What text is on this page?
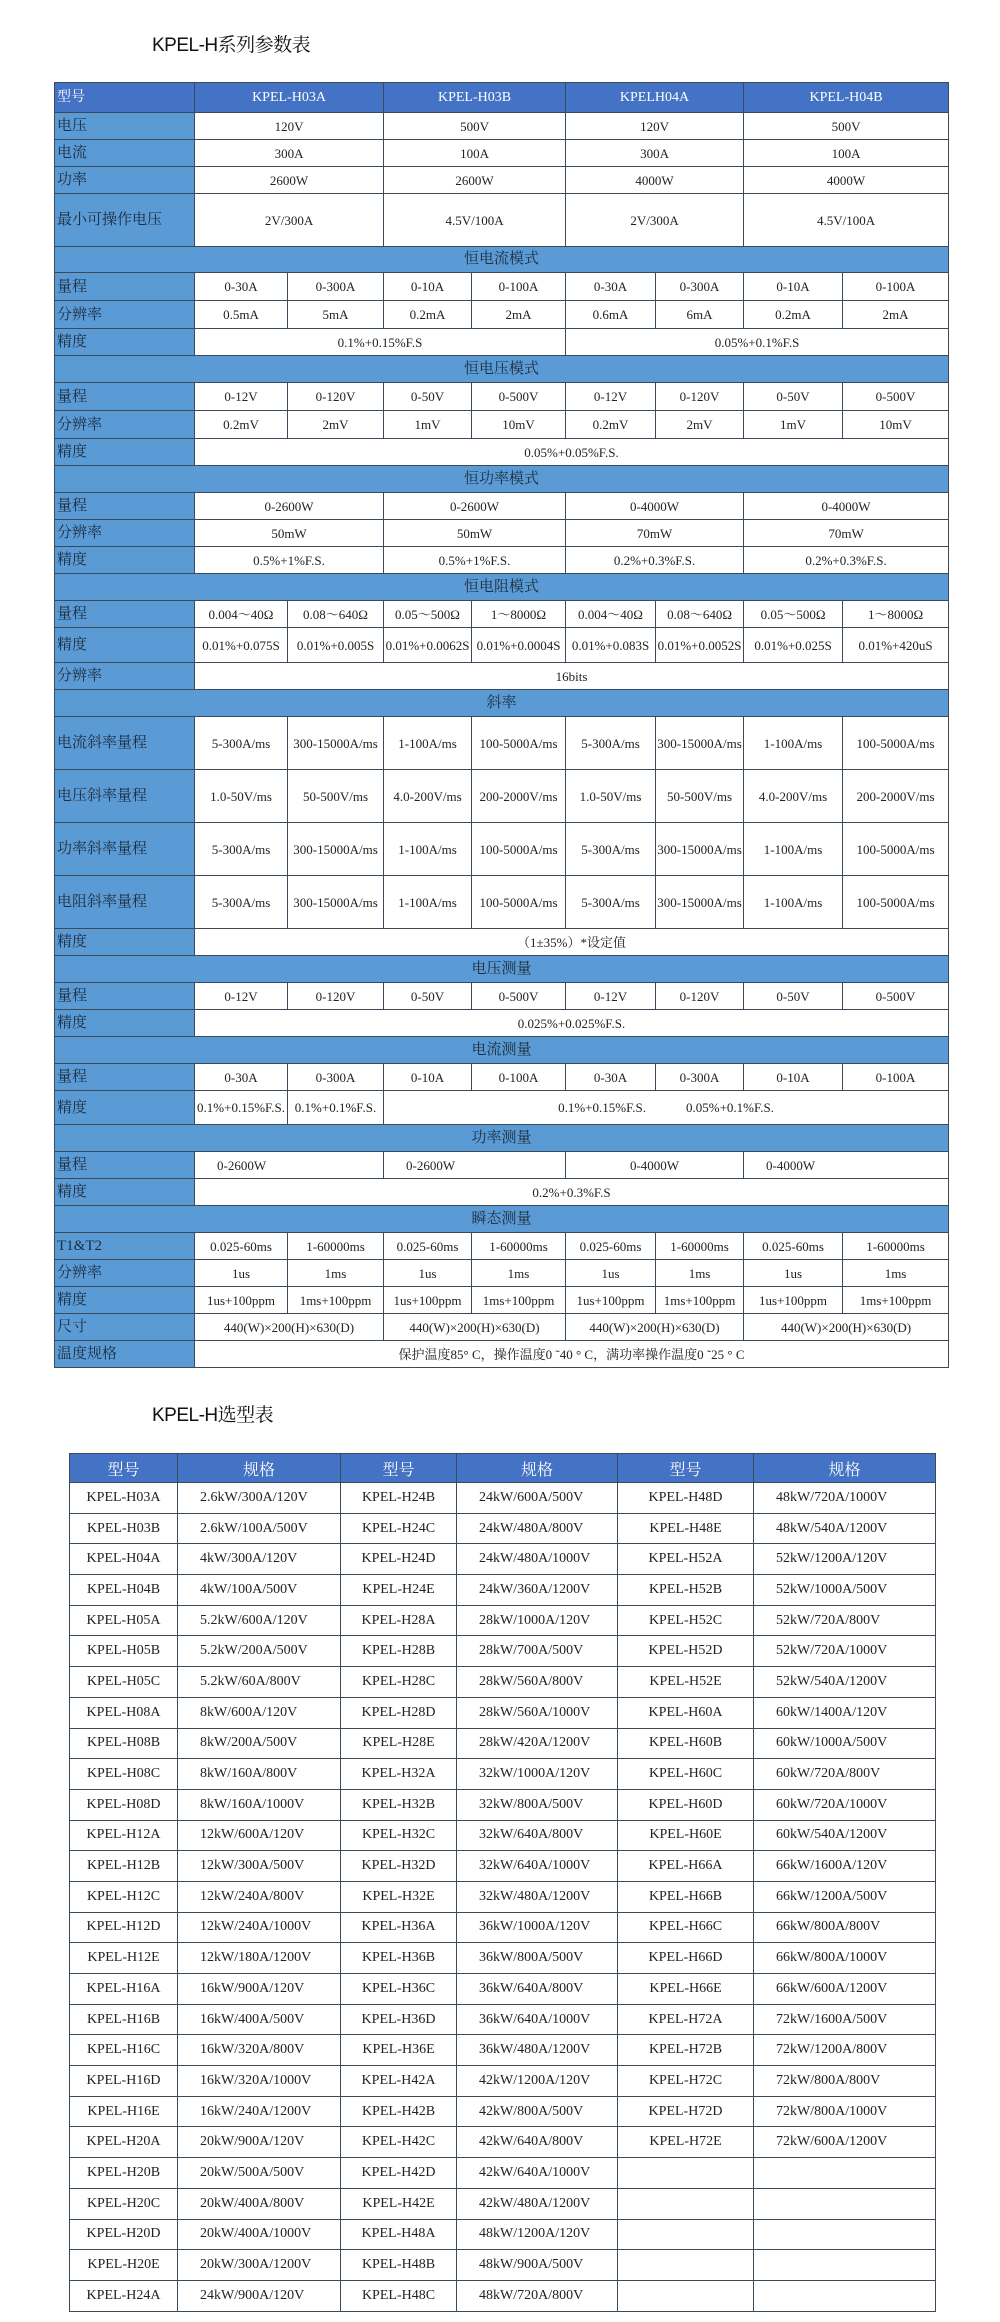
KPEL-H系列参数表
型号	KPEL-H03A		KPEL-H03B		KPELH04A		KPEL-H04B	
电压	120V		500V		120V		500V	
电流	300A		100A		300A		100A	
功率	2600W		2600W		4000W		4000W	
最小可操作电压	2V/300A		4.5V/100A		2V/300A		4.5V/100A	
恒电流模式								
量程	0-30A	0-300A	0-10A	0-100A	0-30A	0-300A	0-10A	0-100A
分辨率	0.5mA	5mA	0.2mA	2mA	0.6mA	6mA	0.2mA	2mA
精度	0.1%+0.15%F.S				0.05%+0.1%F.S			
恒电压模式								
量程	0-12V	0-120V	0-50V	0-500V	0-12V	0-120V	0-50V	0-500V
分辨率	0.2mV	2mV	1mV	10mV	0.2mV	2mV	1mV	10mV
精度	0.05%+0.05%F.S.							
恒功率模式								
量程	0-2600W		0-2600W		0-4000W		0-4000W	
分辨率	50mW		50mW		70mW		70mW	
精度	0.5%+1%F.S.		0.5%+1%F.S.		0.2%+0.3%F.S.		0.2%+0.3%F.S.	
恒电阻模式								
量程	0.004～40Ω	0.08～640Ω	0.05～500Ω	1～8000Ω	0.004～40Ω	0.08～640Ω	0.05～500Ω	1～8000Ω
精度	0.01%+0.075S	0.01%+0.005S	0.01%+0.0062S	0.01%+0.0004S	0.01%+0.083S	0.01%+0.0052S	0.01%+0.025S	0.01%+420uS
分辨率	16bits							
斜率								
电流斜率量程	5-300A/ms	300-15000A/ms	1-100A/ms	100-5000A/ms	5-300A/ms	300-15000A/ms	1-100A/ms	100-5000A/ms
电压斜率量程	1.0-50V/ms	50-500V/ms	4.0-200V/ms	200-2000V/ms	1.0-50V/ms	50-500V/ms	4.0-200V/ms	200-2000V/ms
功率斜率量程	5-300A/ms	300-15000A/ms	1-100A/ms	100-5000A/ms	5-300A/ms	300-15000A/ms	1-100A/ms	100-5000A/ms
电阻斜率量程	5-300A/ms	300-15000A/ms	1-100A/ms	100-5000A/ms	5-300A/ms	300-15000A/ms	1-100A/ms	100-5000A/ms
精度	（1±35%）*设定值							
电压测量								
量程	0-12V	0-120V	0-50V	0-500V	0-12V	0-120V	0-50V	0-500V
精度	0.025%+0.025%F.S.							
电流测量								
量程	0-30A	0-300A	0-10A	0-100A	0-30A	0-300A	0-10A	0-100A
精度	0.1%+0.15%F.S.	0.1%+0.1%F.S.	0.1%+0.15%F.S. 0.05%+0.1%F.S.					
功率测量								
量程	0-2600W		0-2600W		0-4000W		0-4000W	
精度	0.2%+0.3%F.S							
瞬态测量								
T1&T2	0.025-60ms	1-60000ms	0.025-60ms	1-60000ms	0.025-60ms	1-60000ms	0.025-60ms	1-60000ms
分辨率	1us	1ms	1us	1ms	1us	1ms	1us	1ms
精度	1us+100ppm	1ms+100ppm	1us+100ppm	1ms+100ppm	1us+100ppm	1ms+100ppm	1us+100ppm	1ms+100ppm
尺寸	440(W)×200(H)×630(D)		440(W)×200(H)×630(D)		440(W)×200(H)×630(D)		440(W)×200(H)×630(D)	
温度规格	保护温度85° C，操作温度0 ˜40 ° C，满功率操作温度0 ˜25 ° C							
KPEL-H选型表
型号	规格	型号	规格	型号	规格
KPEL-H03A	2.6kW/300A/120V	KPEL-H24B	24kW/600A/500V	KPEL-H48D	48kW/720A/1000V
KPEL-H03B	2.6kW/100A/500V	KPEL-H24C	24kW/480A/800V	KPEL-H48E	48kW/540A/1200V
KPEL-H04A	4kW/300A/120V	KPEL-H24D	24kW/480A/1000V	KPEL-H52A	52kW/1200A/120V
KPEL-H04B	4kW/100A/500V	KPEL-H24E	24kW/360A/1200V	KPEL-H52B	52kW/1000A/500V
KPEL-H05A	5.2kW/600A/120V	KPEL-H28A	28kW/1000A/120V	KPEL-H52C	52kW/720A/800V
KPEL-H05B	5.2kW/200A/500V	KPEL-H28B	28kW/700A/500V	KPEL-H52D	52kW/720A/1000V
KPEL-H05C	5.2kW/60A/800V	KPEL-H28C	28kW/560A/800V	KPEL-H52E	52kW/540A/1200V
KPEL-H08A	8kW/600A/120V	KPEL-H28D	28kW/560A/1000V	KPEL-H60A	60kW/1400A/120V
KPEL-H08B	8kW/200A/500V	KPEL-H28E	28kW/420A/1200V	KPEL-H60B	60kW/1000A/500V
KPEL-H08C	8kW/160A/800V	KPEL-H32A	32kW/1000A/120V	KPEL-H60C	60kW/720A/800V
KPEL-H08D	8kW/160A/1000V	KPEL-H32B	32kW/800A/500V	KPEL-H60D	60kW/720A/1000V
KPEL-H12A	12kW/600A/120V	KPEL-H32C	32kW/640A/800V	KPEL-H60E	60kW/540A/1200V
KPEL-H12B	12kW/300A/500V	KPEL-H32D	32kW/640A/1000V	KPEL-H66A	66kW/1600A/120V
KPEL-H12C	12kW/240A/800V	KPEL-H32E	32kW/480A/1200V	KPEL-H66B	66kW/1200A/500V
KPEL-H12D	12kW/240A/1000V	KPEL-H36A	36kW/1000A/120V	KPEL-H66C	66kW/800A/800V
KPEL-H12E	12kW/180A/1200V	KPEL-H36B	36kW/800A/500V	KPEL-H66D	66kW/800A/1000V
KPEL-H16A	16kW/900A/120V	KPEL-H36C	36kW/640A/800V	KPEL-H66E	66kW/600A/1200V
KPEL-H16B	16kW/400A/500V	KPEL-H36D	36kW/640A/1000V	KPEL-H72A	72kW/1600A/500V
KPEL-H16C	16kW/320A/800V	KPEL-H36E	36kW/480A/1200V	KPEL-H72B	72kW/1200A/800V
KPEL-H16D	16kW/320A/1000V	KPEL-H42A	42kW/1200A/120V	KPEL-H72C	72kW/800A/800V
KPEL-H16E	16kW/240A/1200V	KPEL-H42B	42kW/800A/500V	KPEL-H72D	72kW/800A/1000V
KPEL-H20A	20kW/900A/120V	KPEL-H42C	42kW/640A/800V	KPEL-H72E	72kW/600A/1200V
KPEL-H20B	20kW/500A/500V	KPEL-H42D	42kW/640A/1000V		
KPEL-H20C	20kW/400A/800V	KPEL-H42E	42kW/480A/1200V		
KPEL-H20D	20kW/400A/1000V	KPEL-H48A	48kW/1200A/120V		
KPEL-H20E	20kW/300A/1200V	KPEL-H48B	48kW/900A/500V		
KPEL-H24A	24kW/900A/120V	KPEL-H48C	48kW/720A/800V		
